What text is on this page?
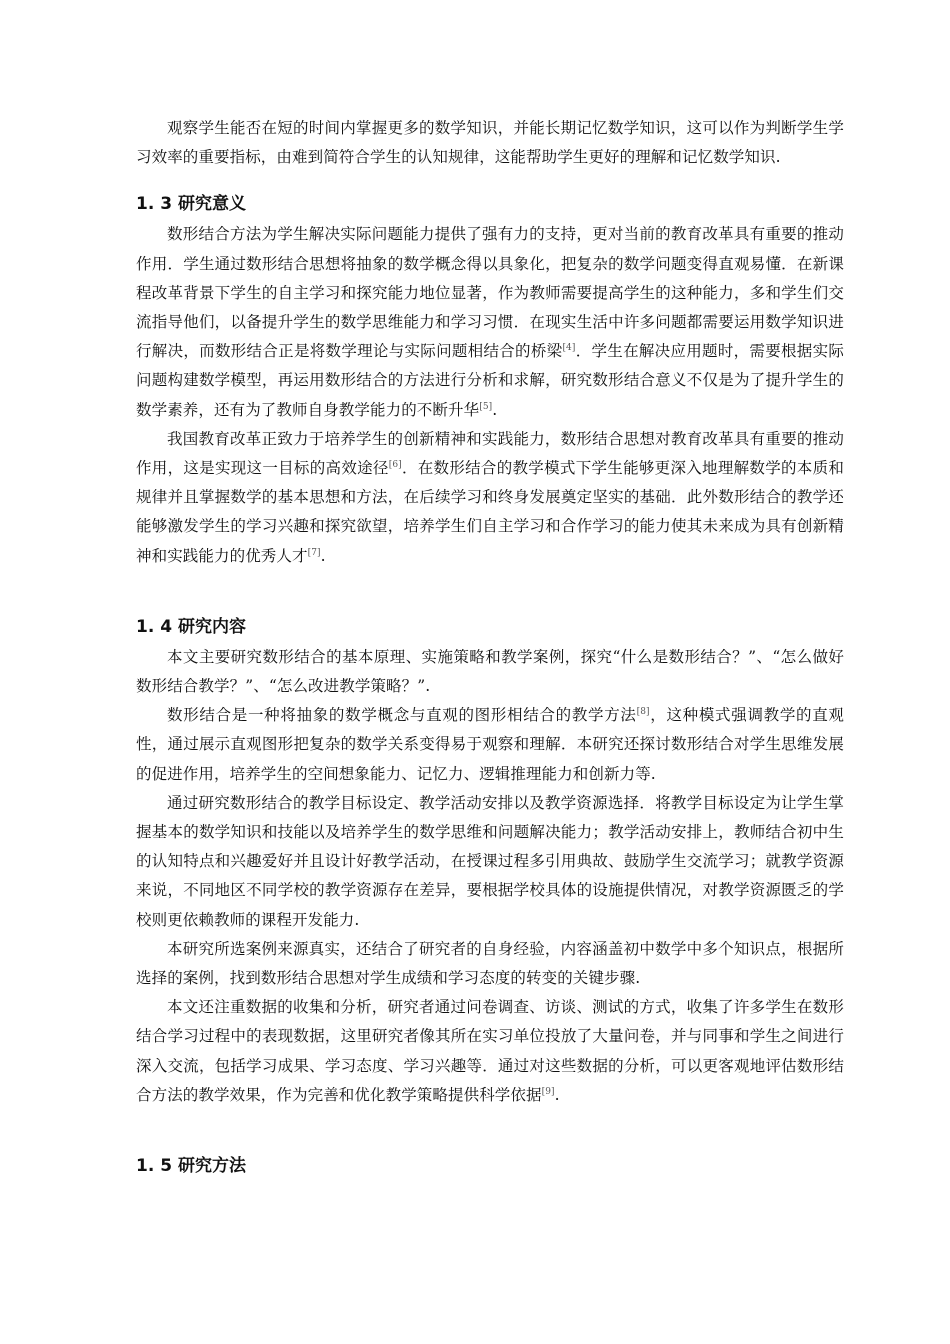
观察学生能否在短的时间内掌握更多的数学知识，并能长期记忆数学知识，这可以作为判断学生学习效率的重要指标，由难到简符合学生的认知规律，这能帮助学生更好的理解和记忆数学知识.

1. 3 研究意义

数形结合方法为学生解决实际问题能力提供了强有力的支持，更对当前的教育改革具有重要的推动作用．学生通过数形结合思想将抽象的数学概念得以具象化，把复杂的数学问题变得直观易懂．在新课程改革背景下学生的自主学习和探究能力地位显著，作为教师需要提高学生的这种能力，多和学生们交流指导他们，以备提升学生的数学思维能力和学习习惯．在现实生活中许多问题都需要运用数学知识进行解决，而数形结合正是将数学理论与实际问题相结合的桥梁[4]．学生在解决应用题时，需要根据实际问题构建数学模型，再运用数形结合的方法进行分析和求解，研究数形结合意义不仅是为了提升学生的数学素养，还有为了教师自身教学能力的不断升华[5].

我国教育改革正致力于培养学生的创新精神和实践能力，数形结合思想对教育改革具有重要的推动作用，这是实现这一目标的高效途径[6]．在数形结合的教学模式下学生能够更深入地理解数学的本质和规律并且掌握数学的基本思想和方法，在后续学习和终身发展奠定坚实的基础．此外数形结合的教学还能够激发学生的学习兴趣和探究欲望，培养学生们自主学习和合作学习的能力使其未来成为具有创新精神和实践能力的优秀人才[7].

1. 4 研究内容

本文主要研究数形结合的基本原理、实施策略和教学案例，探究“什么是数形结合？”、“怎么做好数形结合教学？”、“怎么改进教学策略？”.

数形结合是一种将抽象的数学概念与直观的图形相结合的教学方法[8]，这种模式强调教学的直观性，通过展示直观图形把复杂的数学关系变得易于观察和理解．本研究还探讨数形结合对学生思维发展的促进作用，培养学生的空间想象能力、记忆力、逻辑推理能力和创新力等.

通过研究数形结合的教学目标设定、教学活动安排以及教学资源选择．将教学目标设定为让学生掌握基本的数学知识和技能以及培养学生的数学思维和问题解决能力；教学活动安排上，教师结合初中生的认知特点和兴趣爱好并且设计好教学活动，在授课过程多引用典故、鼓励学生交流学习；就教学资源来说，不同地区不同学校的教学资源存在差异，要根据学校具体的设施提供情况，对教学资源匮乏的学校则更依赖教师的课程开发能力.

本研究所选案例来源真实，还结合了研究者的自身经验，内容涵盖初中数学中多个知识点，根据所选择的案例，找到数形结合思想对学生成绩和学习态度的转变的关键步骤.

本文还注重数据的收集和分析，研究者通过问卷调查、访谈、测试的方式，收集了许多学生在数形结合学习过程中的表现数据，这里研究者像其所在实习单位投放了大量问卷，并与同事和学生之间进行深入交流，包括学习成果、学习态度、学习兴趣等．通过对这些数据的分析，可以更客观地评估数形结合方法的教学效果，作为完善和优化教学策略提供科学依据[9].

1. 5 研究方法
